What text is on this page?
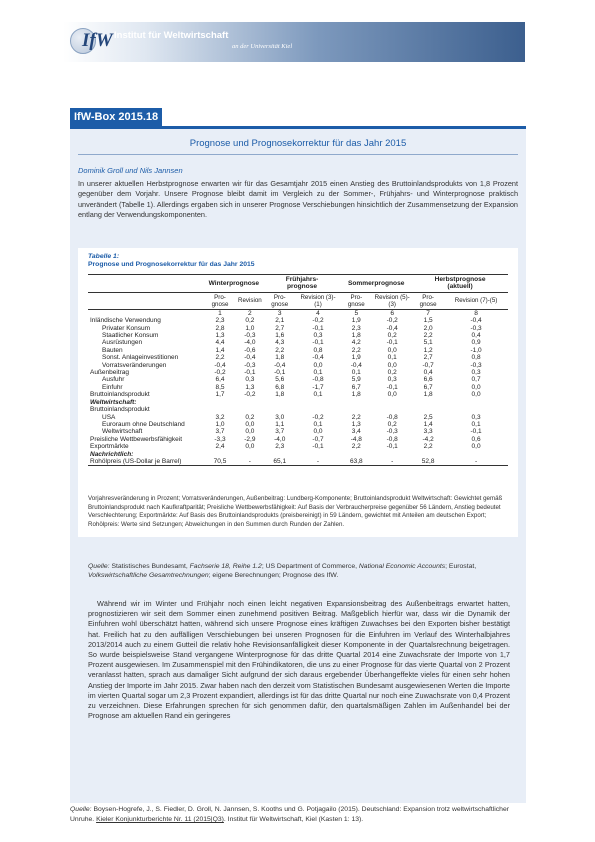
IfW Institut für Weltwirtschaft
an der Universität Kiel
IfW-Box 2015.18
Prognose und Prognosekorrektur für das Jahr 2015
Dominik Groll und Nils Jannsen

In unserer aktuellen Herbstprognose erwarten wir für das Gesamtjahr 2015 einen Anstieg des Bruttoinlandsprodukts von 1,8 Prozent gegenüber dem Vorjahr. Unsere Prognose bleibt damit im Vergleich zu der Sommer-, Frühjahrs- und Winterprognose praktisch unverändert (Tabelle 1). Allerdings ergaben sich in unserer Prognose Verschiebungen hinsichtlich der Zusammensetzung der Expansion entlang der Verwendungskomponenten.

Tabelle 1:
Prognose und Prognosekorrektur für das Jahr 2015
	Winterprognose		Frühjahrs-prognose		Sommerprognose		Herbstprognose (aktuell)	
	Pro-gnose	Revision	Pro-gnose	Revision (3)-(1)	Pro-gnose	Revision (5)-(3)	Pro-gnose	Revision (7)-(5)
	1	2	3	4	5	6	7	8
Inländische Verwendung	2,3	0,2	2,1	-0,2	1,9	-0,2	1,5	-0,4
Privater Konsum	2,8	1,0	2,7	-0,1	2,3	-0,4	2,0	-0,3
Staatlicher Konsum	1,3	-0,3	1,6	0,3	1,8	0,2	2,2	0,4
Ausrüstungen	4,4	-4,0	4,3	-0,1	4,2	-0,1	5,1	0,9
Bauten	1,4	-0,6	2,2	0,8	2,2	0,0	1,2	-1,0
Sonst. Anlageinvestitionen	2,2	-0,4	1,8	-0,4	1,9	0,1	2,7	0,8
Vorratsveränderungen	-0,4	-0,3	-0,4	0,0	-0,4	0,0	-0,7	-0,3
Außenbeitrag	-0,2	-0,1	-0,1	0,1	0,1	0,2	0,4	0,3
Ausfuhr	6,4	0,3	5,6	-0,8	5,9	0,3	6,6	0,7
Einfuhr	8,5	1,3	6,8	-1,7	6,7	-0,1	6,7	0,0
Bruttoinlandsprodukt	1,7	-0,2	1,8	0,1	1,8	0,0	1,8	0,0
Weltwirtschaft:								
Bruttoinlandsprodukt								
USA	3,2	0,2	3,0	-0,2	2,2	-0,8	2,5	0,3
Euroraum ohne Deutschland	1,0	0,0	1,1	0,1	1,3	0,2	1,4	0,1
Weltwirtschaft	3,7	0,0	3,7	0,0	3,4	-0,3	3,3	-0,1
Preisliche Wettbewerbsfähigkeit	-3,3	-2,9	-4,0	-0,7	-4,8	-0,8	-4,2	0,6
Exportmärkte	2,4	0,0	2,3	-0,1	2,2	-0,1	2,2	0,0
Nachrichtlich:								
Rohölpreis (US-Dollar je Barrel)	70,5	-	65,1	-	63,8	-	52,8	-
Vorjahresveränderung in Prozent; Vorratsveränderungen, Außenbeitrag: Lundberg-Komponente; Bruttoinlandsprodukt Weltwirtschaft: Gewichtet gemäß Bruttoinlandsprodukt nach Kaufkraftparität; Preisliche Wettbewerbsfähigkeit: Auf Basis der Verbraucherpreise gegenüber 56 Ländern, Anstieg bedeutet Verschlechterung; Exportmärkte: Auf Basis des Bruttoinlandsprodukts (preisbereinigt) in 59 Ländern, gewichtet mit Anteilen am deutschen Export; Rohölpreis: Werte sind Setzungen; Abweichungen in den Summen durch Runden der Zahlen.
Quelle: Statistisches Bundesamt, Fachserie 18, Reihe 1.2; US Department of Commerce, National Economic Accounts; Eurostat, Volkswirtschaftliche Gesamtrechnungen; eigene Berechnungen; Prognose des IfW.

Während wir im Winter und Frühjahr noch einen leicht negativen Expansionsbeitrag des Außenbeitrags erwartet hatten, prognostizieren wir seit dem Sommer einen zunehmend positiven Beitrag. Maßgeblich hierfür war, dass wir die Dynamik der Einfuhren wohl überschätzt hatten, während sich unsere Prognose eines kräftigen Zuwachses bei den Exporten bisher bestätigt hat. Freilich hat zu den auffälligen Verschiebungen bei unseren Prognosen für die Einfuhren im Verlauf des Winterhalbjahres 2013/2014 auch zu einem Gutteil die relativ hohe Revisionsanfälligkeit dieser Komponente in der Quartalsrechnung beigetragen. So wurde beispielsweise Stand vergangene Winterprognose für das dritte Quartal 2014 eine Zuwachsrate der Importe von 1,7 Prozent ausgewiesen. Im Zusammenspiel mit den Frühindikatoren, die uns zu einer Prognose für das vierte Quartal von 2 Prozent veranlasst hatten, sprach aus damaliger Sicht aufgrund der sich daraus ergebender Überhangeffekte vieles für einen sehr hohen Anstieg der Importe im Jahr 2015. Zwar haben nach den derzeit vom Statistischen Bundesamt ausgewiesenen Werten die Importe im vierten Quartal sogar um 2,3 Prozent expandiert, allerdings ist für das dritte Quartal nur noch eine Zuwachsrate von 0,4 Prozent zu verzeichnen. Diese Erfahrungen sprechen für sich genommen dafür, den quartalsmäßigen Zahlen im Außenhandel bei der Prognose am aktuellen Rand ein geringeres

Quelle: Boysen-Hogrefe, J., S. Fiedler, D. Groll, N. Jannsen, S. Kooths und G. Potjagailo (2015). Deutschland: Expansion trotz weltwirtschaftlicher Unruhe. Kieler Konjunkturberichte Nr. 11 (2015|Q3). Institut für Weltwirtschaft, Kiel (Kasten 1: 13).
